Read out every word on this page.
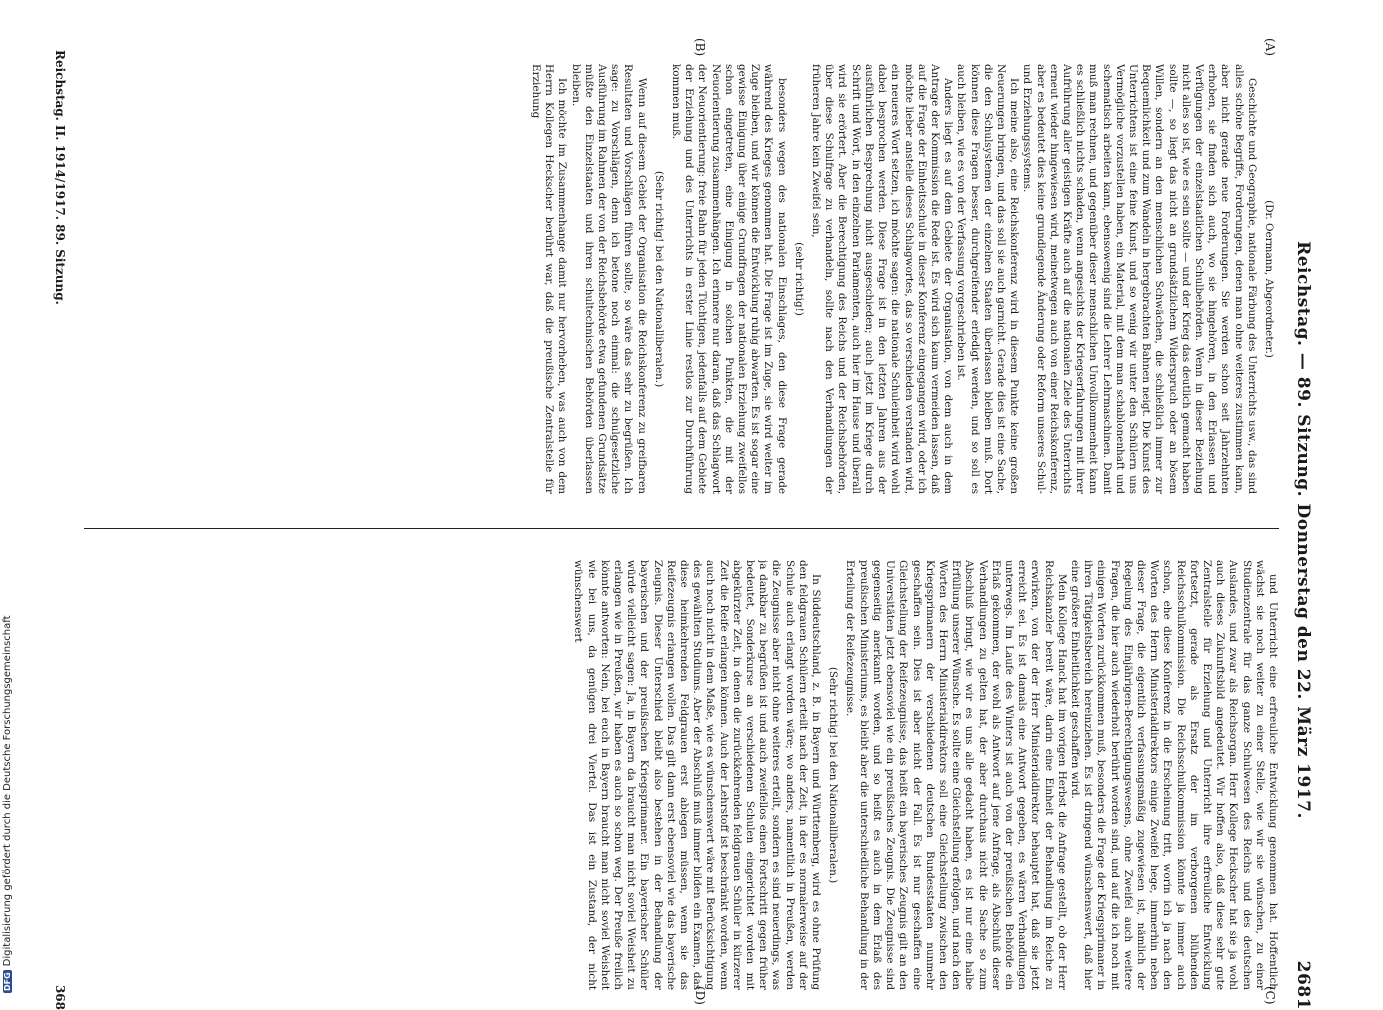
Reichstag. — 89. Sitzung. Donnerstag den 22. März 1917.
2681
(A)
(B)
(C)
(D)

(Dr. Oermann, Abgeordneter.)

Geschichte und Geographie, nationale Färbung des Unterrichts usw., das sind alles schöne Begriffe, Forderungen, denen man ohne weiteres zustimmen kann, aber nicht gerade neue Forderungen. Sie werden schon seit Jahrzehnten erhoben, sie finden sich auch, wo sie hingehören, in den Erlassen und Verfügungen der einzelstaatlichen Schulbehörden. Wenn in dieser Beziehung nicht alles so ist, wie es sein sollte — und der Krieg das deutlich gemacht haben sollte —, so liegt das nicht an grundsätzlichem Widerspruch oder an bösem Willen, sondern an den menschlichen Schwächen, die schließlich immer zur Bequemlichkeit und zum Wandeln in hergebrachten Bahnen neigt. Die Kunst des Unterrichtens ist eine feine Kunst, und so wenig wir unter den Schülern uns Vermögliche vorzustellen haben, ein Material, mit dem man schablonenhaft und schematisch arbeiten kann, ebensowenig sind die Lehrer Lehrmaschinen. Damit muß man rechnen, und gegenüber dieser menschlichen Unvollkommenheit kann es schließlich nichts schaden, wenn angesichts der Kriegserfahrungen mit ihrer Aufrührung aller geistigen Kräfte auch auf die nationalen Ziele des Unterrichts erneut wieder hingewiesen wird, meinetwegen auch von einer Reichskonferenz, aber es bedeutet dies keine grundlegende Änderung oder Reform unseres Schul- und Erziehungssystems.

Ich meine also, eine Reichskonferenz wird in diesem Punkte keine großen Neuerungen bringen, und das soll sie auch garnicht. Gerade dies ist eine Sache, die den Schulsystemen der einzelnen Staaten überlassen bleiben muß. Dort können diese Fragen besser, durchgreifender erledigt werden, und so soll es auch bleiben, wie es von der Verfassung vorgeschrieben ist.

Anders liegt es auf dem Gebiete der Organisation, von dem auch in dem Antrage der Kommission die Rede ist. Es wird sich kaum vermeiden lassen, daß auf die Frage der Einheitsschule in dieser Konferenz eingegangen wird, oder ich möchte lieber anstelle dieses Schlagwortes, das so verschieden verstanden wird, ein neueres Wort setzen, ich möchte sagen: die nationale Schuleinheit wird wohl dabei besprochen werden. Diese Frage ist in den letzten Jahren aus der ausführlichen Besprechung nicht ausgeschieden; auch jetzt im Kriege durch Schrift und Wort, in den einzelnen Parlamenten, auch hier im Hause und überall wird sie erörtert. Aber die Berechtigung des Reichs und der Reichsbehörden, über diese Schulfrage zu verhandeln, sollte nach den Verhandlungen der früheren Jahre kein Zweifel sein,

(sehr richtig!)

besonders wegen des nationalen Einschlages, den diese Frage gerade während des Krieges genommen hat. Die Frage ist im Zuge, sie wird weiter im Zuge bleiben, und wir können die Entwicklung ruhig abwarten. Es ist sogar eine gewisse Einigung über einige Grundfragen der nationalen Erziehung zweifellos schon eingetreten, eine Einigung in solchen Punkten, die mit der Neuorientierung zusammenhängen. Ich erinnere nur daran, daß das Schlagwort der Neuorientierung: freie Bahn für jeden Tüchtigen, jedenfalls auf dem Gebiete der Erziehung und des Unterrichts in erster Linie restlos zur Durchführung kommen muß.

(Sehr richtig! bei den Nationalliberalen.)

Wenn auf diesem Gebiet der Organisation die Reichskonferenz zu greifbaren Resultaten und Vorschlägen führen sollte, so wäre das sehr zu begrüßen. Ich sage: zu Vorschlägen, denn ich betone noch einmal: die schulgesetzliche Ausführung im Rahmen der von der Reichsbehörde etwa gefundenen Grundsätze müßte den Einzelstaaten und ihren schultechnischen Behörden überlassen bleiben.

Ich möchte im Zusammenhange damit nur hervorheben, was auch von dem Herrn Kollegen Heckscher berührt war, daß die preußische Zentralstelle für Erziehung

und Unterricht eine erfreuliche Entwicklung genommen hat. Hoffentlich wächst sie noch weiter zu einer Stelle, wie wir sie wünschen, zu einer Studienzentrale für das ganze Schulwesen des Reichs und des deutschen Auslandes, und zwar als Reichsorgan. Herr Kollege Heckscher hat sie ja wohl auch dieses Zukunftsbild angedeutet. Wir hoffen also, daß diese sehr gute Zentralstelle für Erziehung und Unterricht ihre erfreuliche Entwicklung fortsetzt, gerade als Ersatz der im verborgenen blühenden Reichsschulkommission. Die Reichsschulkommission könnte ja immer auch schon, ehe diese Konferenz in die Erscheinung tritt, worin ich ja nach den Worten des Herrn Ministerialdirektors einige Zweifel hege, immerhin neben dieser Frage, die eigentlich verfassungsmäßig zugewiesen ist, nämlich der Regelung des Einjährigen-Berechtigungswesens, ohne Zweifel auch weitere Fragen, die hier auch wiederholt berührt worden sind, und auf die ich noch mit einigen Worten zurückkommen muß, besonders die Frage der Kriegsprimaner in ihren Tätigkeitsbereich hereinziehen. Es ist dringend wünschenswert, daß hier eine größere Einheitlichkeit geschaffen wird.

Mein Kollege Hanck hat im vorigen Herbst die Anfrage gestellt, ob der Herr Reichskanzler bereit wäre, darin eine Einheit der Behandlung im Reiche zu erwirken, von der der Herr Ministerialdirektor behauptet hat, daß sie jetzt erreicht sei. Es ist damals eine Antwort gegeben, es wären Verhandlungen unterwegs. Im Laufe des Winters ist auch von der preußischen Behörde ein Erlaß gekommen, der wohl als Antwort auf jene Anfrage, als Abschluß dieser Verhandlungen zu gelten hat, der aber durchaus nicht die Sache so zum Abschluß bringt, wie wir es uns alle gedacht haben, es ist nur eine halbe Erfüllung unserer Wünsche. Es sollte eine Gleichstellung erfolgen, und nach den Worten des Herrn Ministerialdirektors soll eine Gleichstellung zwischen den Kriegsprimanern der verschiedenen deutschen Bundesstaaten nunmehr geschaffen sein. Dies ist aber nicht der Fall. Es ist nur geschaffen eine Gleichstellung der Reifezeugnisse, das heißt ein bayerisches Zeugnis gilt an den Universitäten jetzt ebensoviel wie ein preußisches Zeugnis. Die Zeugnisse sind gegenseitig anerkannt worden, und so heißt es auch in dem Erlaß des preußischen Ministeriums, es bleibt aber die unterschiedliche Behandlung in der Erteilung der Reifezeugnisse.

(Sehr richtig! bei den Nationalliberalen.)

In Süddeutschland, z. B. in Bayern und Württemberg, wird es ohne Prüfung den feldgrauen Schülern erteilt nach der Zeit, in der es normalerweise auf der Schule auch erlangt worden wäre; wo anders, namentlich in Preußen, werden die Zeugnisse aber nicht ohne weiteres erteilt, sondern es sind neuerdings, was ja dankbar zu begrüßen ist und auch zweifellos einen Fortschritt gegen früher bedeutet, Sonderkurse an verschiedenen Schulen eingerichtet worden mit abgekürzter Zeit, in denen die zurückkehrenden feldgrauen Schüler in kürzerer Zeit die Reife erlangen können. Auch der Lehrstoff ist beschränkt worden, wenn auch noch nicht in dem Maße, wie es wünschenswert wäre mit Berücksichtigung des gewählten Studiums. Aber der Abschluß muß immer bilden ein Examen, das diese heimkehrenden Feldgrauen erst ablegen müssen, wenn sie das Reifezeugnis erlangen wollen. Das gilt dann erst ebensoviel wie das bayerische Zeugnis. Dieser Unterschied bleibt also bestehen in der Behandlung der bayerischen und der preußischen Kriegsprimaner. Ein bayerischer Schüler würde vielleicht sagen: Ja, in Bayern da braucht man nicht soviel Weisheit zu erlangen wie in Preußen, wir haben es auch so schon weg. Der Preuße freilich könnte antworten: Nein, bei euch in Bayern braucht man nicht soviel Weisheit wie bei uns, da genügen drei Viertel. Das ist ein Zustand, der nicht wünschenswert

Reichstag. II. 1914/1917. 89. Sitzung.
368
DFGDigitalisierung gefördert durch die Deutsche Forschungsgemeinschaft
